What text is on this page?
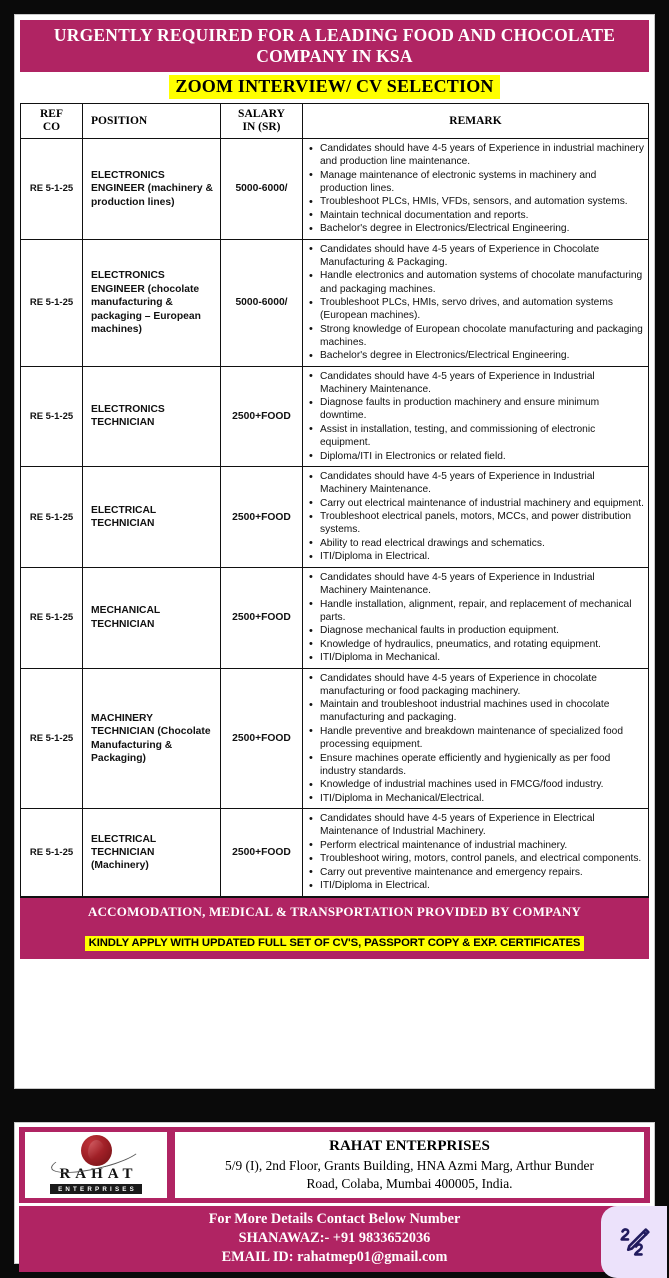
URGENTLY REQUIRED FOR A LEADING FOOD AND CHOCOLATE
COMPANY IN KSA
ZOOM INTERVIEW/ CV SELECTION
REF
CO
	POSITION	
SALARY
IN (SR)
	REMARK
RE 5-1-25	ELECTRONICS ENGINEER (machinery & production lines)	5000-6000/	
• Candidates should have 4-5 years of Experience in industrial machinery and production line maintenance.
• Manage maintenance of electronic systems in machinery and production lines.
• Troubleshoot PLCs, HMIs, VFDs, sensors, and automation systems.
• Maintain technical documentation and reports.
• Bachelor's degree in Electronics/Electrical Engineering.

RE 5-1-25	ELECTRONICS ENGINEER (chocolate manufacturing & packaging – European machines)	5000-6000/	
• Candidates should have 4-5 years of Experience in Chocolate Manufacturing & Packaging.
• Handle electronics and automation systems of chocolate manufacturing and packaging machines.
• Troubleshoot PLCs, HMIs, servo drives, and automation systems (European machines).
• Strong knowledge of European chocolate manufacturing and packaging machines.
• Bachelor's degree in Electronics/Electrical Engineering.

RE 5-1-25	ELECTRONICS TECHNICIAN	2500+FOOD	
• Candidates should have 4-5 years of Experience in Industrial Machinery Maintenance.
• Diagnose faults in production machinery and ensure minimum downtime.
• Assist in installation, testing, and commissioning of electronic equipment.
• Diploma/ITI in Electronics or related field.

RE 5-1-25	ELECTRICAL TECHNICIAN	2500+FOOD	
• Candidates should have 4-5 years of Experience in Industrial Machinery Maintenance.
• Carry out electrical maintenance of industrial machinery and equipment.
• Troubleshoot electrical panels, motors, MCCs, and power distribution systems.
• Ability to read electrical drawings and schematics.
• ITI/Diploma in Electrical.

RE 5-1-25	MECHANICAL TECHNICIAN	2500+FOOD	
• Candidates should have 4-5 years of Experience in Industrial Machinery Maintenance.
• Handle installation, alignment, repair, and replacement of mechanical parts.
• Diagnose mechanical faults in production equipment.
• Knowledge of hydraulics, pneumatics, and rotating equipment.
• ITI/Diploma in Mechanical.

RE 5-1-25	MACHINERY TECHNICIAN (Chocolate Manufacturing & Packaging)	2500+FOOD	
• Candidates should have 4-5 years of Experience in chocolate manufacturing or food packaging machinery.
• Maintain and troubleshoot industrial machines used in chocolate manufacturing and packaging.
• Handle preventive and breakdown maintenance of specialized food processing equipment.
• Ensure machines operate efficiently and hygienically as per food industry standards.
• Knowledge of industrial machines used in FMCG/food industry.
• ITI/Diploma in Mechanical/Electrical.

RE 5-1-25	ELECTRICAL TECHNICIAN (Machinery)	2500+FOOD	
• Candidates should have 4-5 years of Experience in Electrical Maintenance of Industrial Machinery.
• Perform electrical maintenance of industrial machinery.
• Troubleshoot wiring, motors, control panels, and electrical components.
• Carry out preventive maintenance and emergency repairs.
• ITI/Diploma in Electrical.
ACCOMODATION, MEDICAL & TRANSPORTATION PROVIDED BY COMPANY
KINDLY APPLY WITH UPDATED FULL SET OF CV'S, PASSPORT COPY & EXP. CERTIFICATES
RAHAT
ENTERPRISES
RAHAT ENTERPRISES
5/9 (I), 2nd Floor, Grants Building, HNA Azmi Marg, Arthur Bunder
Road, Colaba, Mumbai 400005, India.
For More Details Contact Below Number
SHANAWAZ:- +91 9833652036
EMAIL ID: rahatmep01@gmail.com
